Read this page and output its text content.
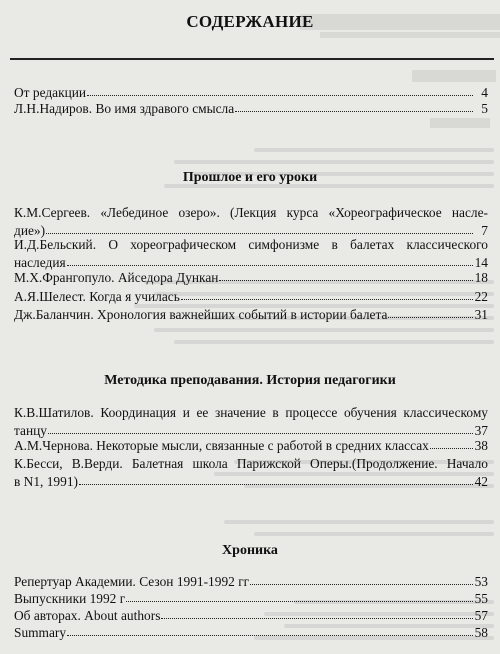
СОДЕРЖАНИЕ
От редакции	4
Л.Н.Надиров. Во имя здравого смысла	5
Прошлое и его уроки
К.М.Сергеев. «Лебединое озеро». (Лекция курса «Хореографическое насле-
дие»)	7
И.Д.Бельский. О хореографическом симфонизме в балетах классического
наследия	14
М.Х.Франгопуло. Айседора Дункан	18
А.Я.Шелест. Когда я училась	22
Дж.Баланчин. Хронология важнейших событий в истории балета	31
Методика преподавания. История педагогики
К.В.Шатилов. Координация и ее значение в процессе обучения классическому
танцу	37
А.М.Чернова. Некоторые мысли, связанные с работой в средних классах	38
К.Бесси, В.Верди. Балетная школа Парижской Оперы.(Продолжение. Начало
в N1, 1991)	42
Хроника
Репертуар Академии. Сезон 1991-1992 гг	53
Выпускники 1992 г	55
Об авторах. About authors	57
Summary	58
